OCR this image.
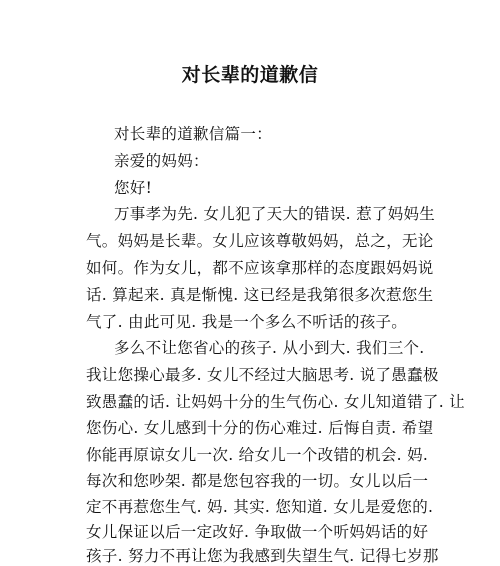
对长辈的道歉信
对长辈的道歉信篇一：
亲爱的妈妈：
您好!
万事孝为先. 女儿犯了天大的错误. 惹了妈妈生
气。妈妈是长辈。女儿应该尊敬妈妈，总之，无论
如何。作为女儿，都不应该拿那样的态度跟妈妈说
话. 算起来. 真是惭愧. 这已经是我第很多次惹您生
气了. 由此可见. 我是一个多么不听话的孩子。
多么不让您省心的孩子. 从小到大. 我们三个.
我让您操心最多. 女儿不经过大脑思考. 说了愚蠢极
致愚蠢的话. 让妈妈十分的生气伤心. 女儿知道错了. 让
您伤心. 女儿感到十分的伤心难过. 后悔自责. 希望
你能再原谅女儿一次. 给女儿一个改错的机会. 妈.
每次和您吵架. 都是您包容我的一切。女儿以后一
定不再惹您生气. 妈. 其实. 您知道. 女儿是爱您的.
女儿保证以后一定改好. 争取做一个听妈妈话的好
孩子. 努力不再让您为我感到失望生气. 记得七岁那
